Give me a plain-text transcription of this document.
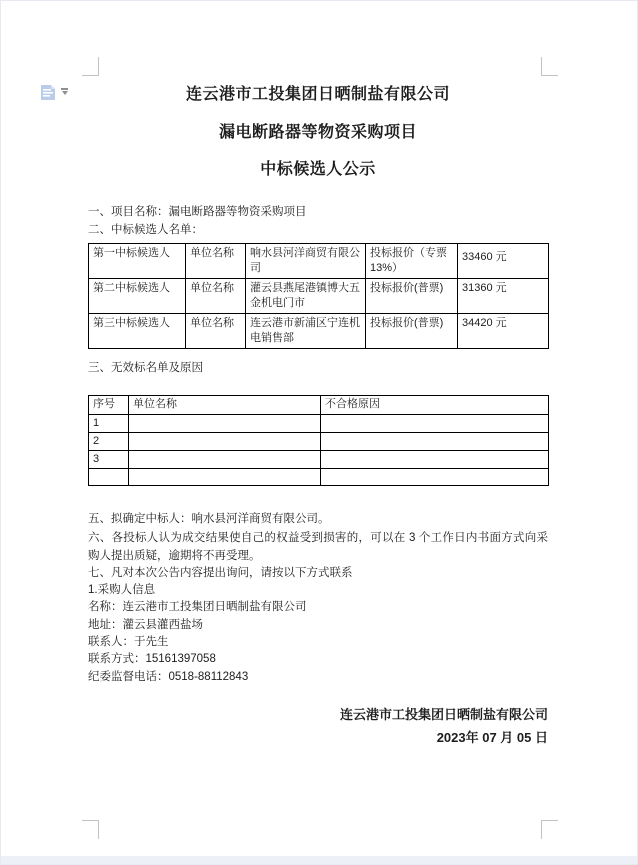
连云港市工投集团日晒制盐有限公司
漏电断路器等物资采购项目
中标候选人公示
一、项目名称：漏电断路器等物资采购项目
二、中标候选人名单：
第一中标候选人	单位名称	响水县河洋商贸有限公司	投标报价（专票13%）	33460 元
第二中标候选人	单位名称	灌云县燕尾港镇博大五金机电门市	投标报价(普票)	31360 元
第三中标候选人	单位名称	连云港市新浦区宁连机电销售部	投标报价(普票)	34420 元
三、无效标名单及原因
序号	单位名称	不合格原因
1		
2		
3		

五、拟确定中标人：响水县河洋商贸有限公司。
六、各投标人认为成交结果使自己的权益受到损害的，可以在 3 个工作日内书面方式向采购人提出质疑，逾期将不再受理。
七、凡对本次公告内容提出询问，请按以下方式联系
1.采购人信息
名称：连云港市工投集团日晒制盐有限公司
地址：灌云县灌西盐场
联系人：于先生
联系方式：15161397058
纪委监督电话：0518-88112843
连云港市工投集团日晒制盐有限公司
2023年 07 月 05 日
